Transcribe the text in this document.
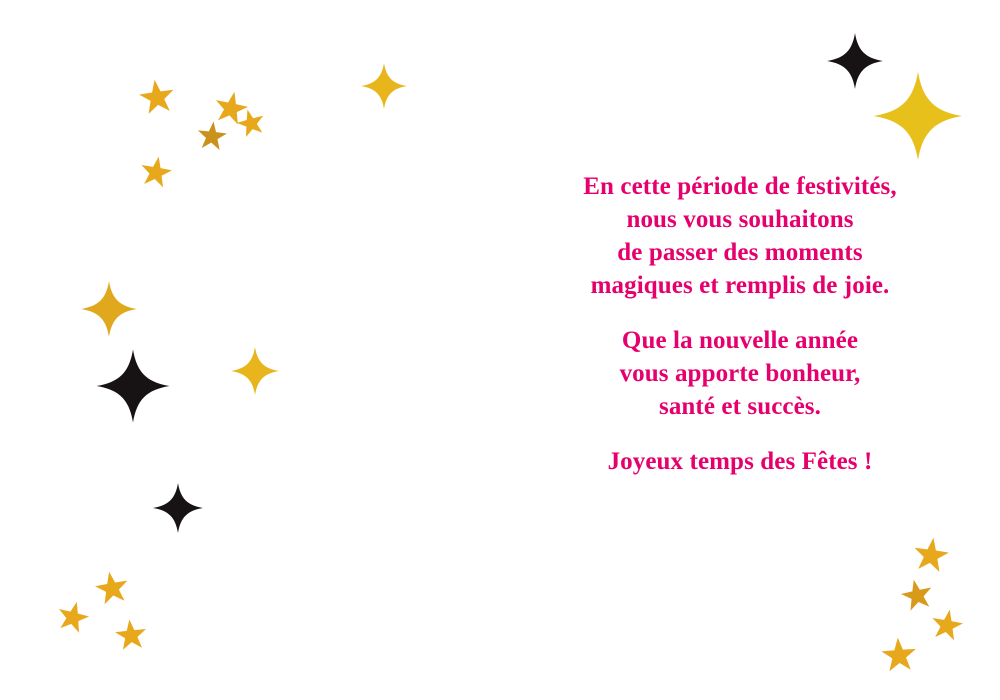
En cette période de festivités,
nous vous souhaitons
de passer des moments
magiques et remplis de joie.
Que la nouvelle année
vous apporte bonheur,
santé et succès.
Joyeux temps des Fêtes !
